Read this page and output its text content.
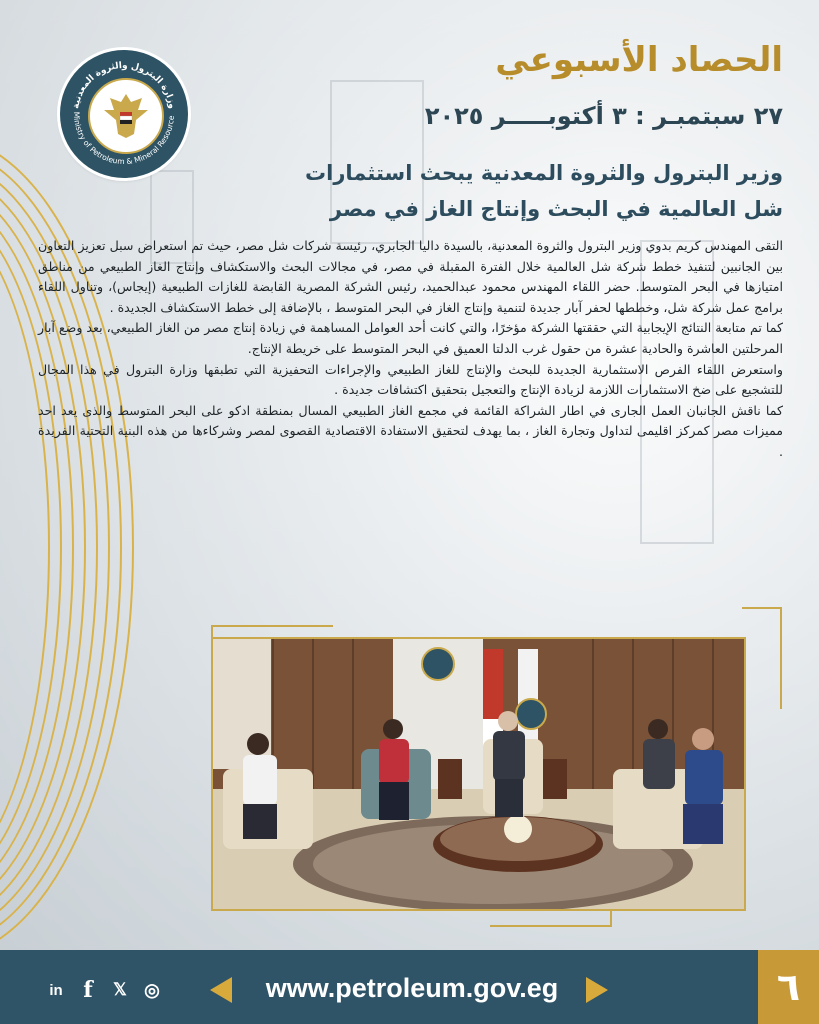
وزارة البترول والثروة المعدنية
Ministry of Petroleum & Mineral Resource
الحصاد الأسبوعي
٢٧ سبتمبـر : ٣ أكتوبـــــر ٢٠٢٥
وزير البترول والثروة المعدنية يبحث استثمارات
شل العالمية في البحث وإنتاج الغاز في مصر

التقى المهندس كريم بدوي وزير البترول والثروة المعدنية، بالسيدة داليا الجابري، رئيسة شركات شل مصر، حيث تم استعراض سبل تعزيز التعاون بين الجانبين لتنفيذ خطط شركة شل العالمية خلال الفترة المقبلة في مصر، في مجالات البحث والاستكشاف وإنتاج الغاز الطبيعي من مناطق امتيازها في البحر المتوسط. حضر اللقاء المهندس محمود عبدالحميد، رئيس الشركة المصرية القابضة للغازات الطبيعية (إيجاس)، وتناول اللقاء برامج عمل شركة شل، وخططها لحفر آبار جديدة لتنمية وإنتاج الغاز في البحر المتوسط ، بالإضافة إلى خطط الاستكشاف الجديدة .

كما تم متابعة النتائج الإيجابية التي حققتها الشركة مؤخرًا، والتي كانت أحد العوامل المساهمة في زيادة إنتاج مصر من الغاز الطبيعي، بعد وضع آبار المرحلتين العاشرة والحادية عشرة من حقول غرب الدلتا العميق في البحر المتوسط على خريطة الإنتاج.

واستعرض اللقاء الفرص الاستثمارية الجديدة للبحث والإنتاج للغاز الطبيعي والإجراءات التحفيزية التي تطبقها وزارة البترول في هذا المجال للتشجيع على ضخ الاستثمارات اللازمة لزيادة الإنتاج والتعجيل بتحقيق اكتشافات جديدة .

كما ناقش الجانبان العمل الجارى في اطار الشراكة القائمة في مجمع الغاز الطبيعي المسال بمنطقة ادكو على البحر المتوسط والذى يعد احد مميزات مصر كمركز اقليمى لتداول وتجارة الغاز ، بما يهدف لتحقيق الاستفادة الاقتصادية القصوى لمصر وشركاءها من هذه البنية التحتية الفريدة .

٦
www.petroleum.gov.eg
in f	𝕏 ◎
